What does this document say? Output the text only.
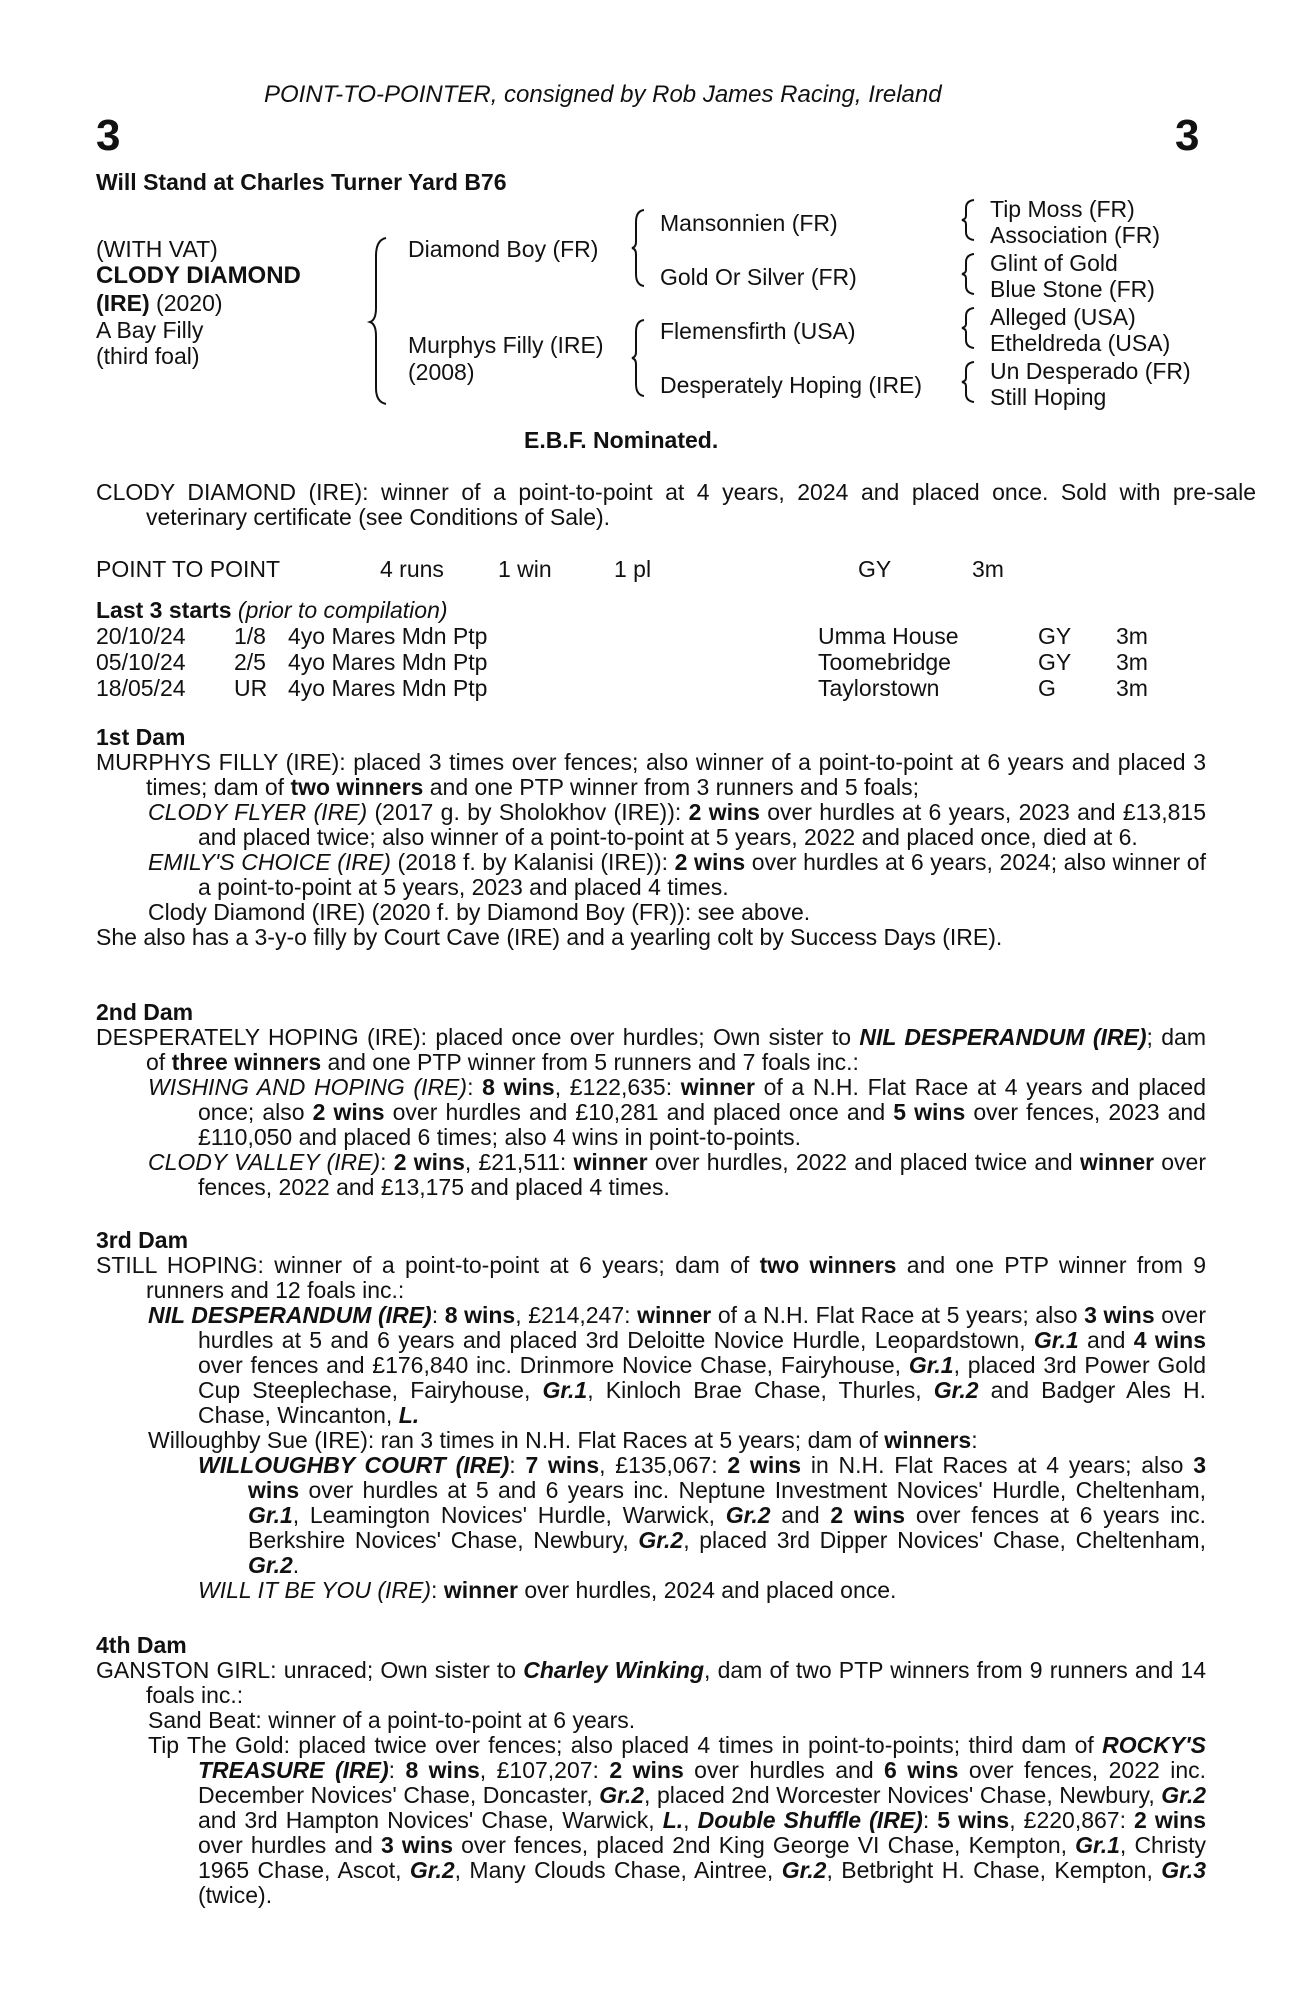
POINT-TO-POINTER, consigned by Rob James Racing, Ireland
3	3
Will Stand at Charles Turner Yard B76
(WITH VAT)
CLODY DIAMOND
(IRE) (2020)
A Bay Filly
(third foal)
Diamond Boy (FR)
Murphys Filly (IRE)
(2008)
Mansonnien (FR)
Gold Or Silver (FR)
Flemensfirth (USA)
Desperately Hoping (IRE)
Tip Moss (FR)
Association (FR)
Glint of Gold
Blue Stone (FR)
Alleged (USA)
Etheldreda (USA)
Un Desperado (FR)
Still Hoping
E.B.F. Nominated.
CLODY DIAMOND (IRE): winner of a point-to-point at 4 years, 2024 and placed once. Sold with pre-sale veterinary certificate (see Conditions of Sale).
POINT TO POINT	4 runs 1 win	1 pl	GY	3m
Last 3 starts (prior to compilation)
20/10/24 1/8 4yo Mares Mdn Ptp	Umma House	GY 3m
05/10/24 2/5 4yo Mares Mdn Ptp	Toomebridge	GY 3m
18/05/24 UR 4yo Mares Mdn Ptp	Taylorstown	G	3m

1st Dam

MURPHYS FILLY (IRE): placed 3 times over fences; also winner of a point-to-point at 6 years and placed 3 times; dam of two winners and one PTP winner from 3 runners and 5 foals;

CLODY FLYER (IRE) (2017 g. by Sholokhov (IRE)): 2 wins over hurdles at 6 years, 2023 and £13,815 and placed twice; also winner of a point-to-point at 5 years, 2022 and placed once, died at 6.

EMILY'S CHOICE (IRE) (2018 f. by Kalanisi (IRE)): 2 wins over hurdles at 6 years, 2024; also winner of a point-to-point at 5 years, 2023 and placed 4 times.

Clody Diamond (IRE) (2020 f. by Diamond Boy (FR)): see above.

She also has a 3-y-o filly by Court Cave (IRE) and a yearling colt by Success Days (IRE).

2nd Dam

DESPERATELY HOPING (IRE): placed once over hurdles; Own sister to NIL DESPERANDUM (IRE); dam of three winners and one PTP winner from 5 runners and 7 foals inc.:

WISHING AND HOPING (IRE): 8 wins, £122,635: winner of a N.H. Flat Race at 4 years and placed once; also 2 wins over hurdles and £10,281 and placed once and 5 wins over fences, 2023 and £110,050 and placed 6 times; also 4 wins in point-to-points.

CLODY VALLEY (IRE): 2 wins, £21,511: winner over hurdles, 2022 and placed twice and winner over fences, 2022 and £13,175 and placed 4 times.

3rd Dam

STILL HOPING: winner of a point-to-point at 6 years; dam of two winners and one PTP winner from 9 runners and 12 foals inc.:

NIL DESPERANDUM (IRE): 8 wins, £214,247: winner of a N.H. Flat Race at 5 years; also 3 wins over hurdles at 5 and 6 years and placed 3rd Deloitte Novice Hurdle, Leopardstown, Gr.1 and 4 wins over fences and £176,840 inc. Drinmore Novice Chase, Fairyhouse, Gr.1, placed 3rd Power Gold Cup Steeplechase, Fairyhouse, Gr.1, Kinloch Brae Chase, Thurles, Gr.2 and Badger Ales H. Chase, Wincanton, L.

Willoughby Sue (IRE): ran 3 times in N.H. Flat Races at 5 years; dam of winners:

WILLOUGHBY COURT (IRE): 7 wins, £135,067: 2 wins in N.H. Flat Races at 4 years; also 3 wins over hurdles at 5 and 6 years inc. Neptune Investment Novices' Hurdle, Cheltenham, Gr.1, Leamington Novices' Hurdle, Warwick, Gr.2 and 2 wins over fences at 6 years inc. Berkshire Novices' Chase, Newbury, Gr.2, placed 3rd Dipper Novices' Chase, Cheltenham, Gr.2.

WILL IT BE YOU (IRE): winner over hurdles, 2024 and placed once.

4th Dam

GANSTON GIRL: unraced; Own sister to Charley Winking, dam of two PTP winners from 9 runners and 14 foals inc.:

Sand Beat: winner of a point-to-point at 6 years.

Tip The Gold: placed twice over fences; also placed 4 times in point-to-points; third dam of ROCKY'S TREASURE (IRE): 8 wins, £107,207: 2 wins over hurdles and 6 wins over fences, 2022 inc. December Novices' Chase, Doncaster, Gr.2, placed 2nd Worcester Novices' Chase, Newbury, Gr.2 and 3rd Hampton Novices' Chase, Warwick, L., Double Shuffle (IRE): 5 wins, £220,867: 2 wins over hurdles and 3 wins over fences, placed 2nd King George VI Chase, Kempton, Gr.1, Christy 1965 Chase, Ascot, Gr.2, Many Clouds Chase, Aintree, Gr.2, Betbright H. Chase, Kempton, Gr.3 (twice).
